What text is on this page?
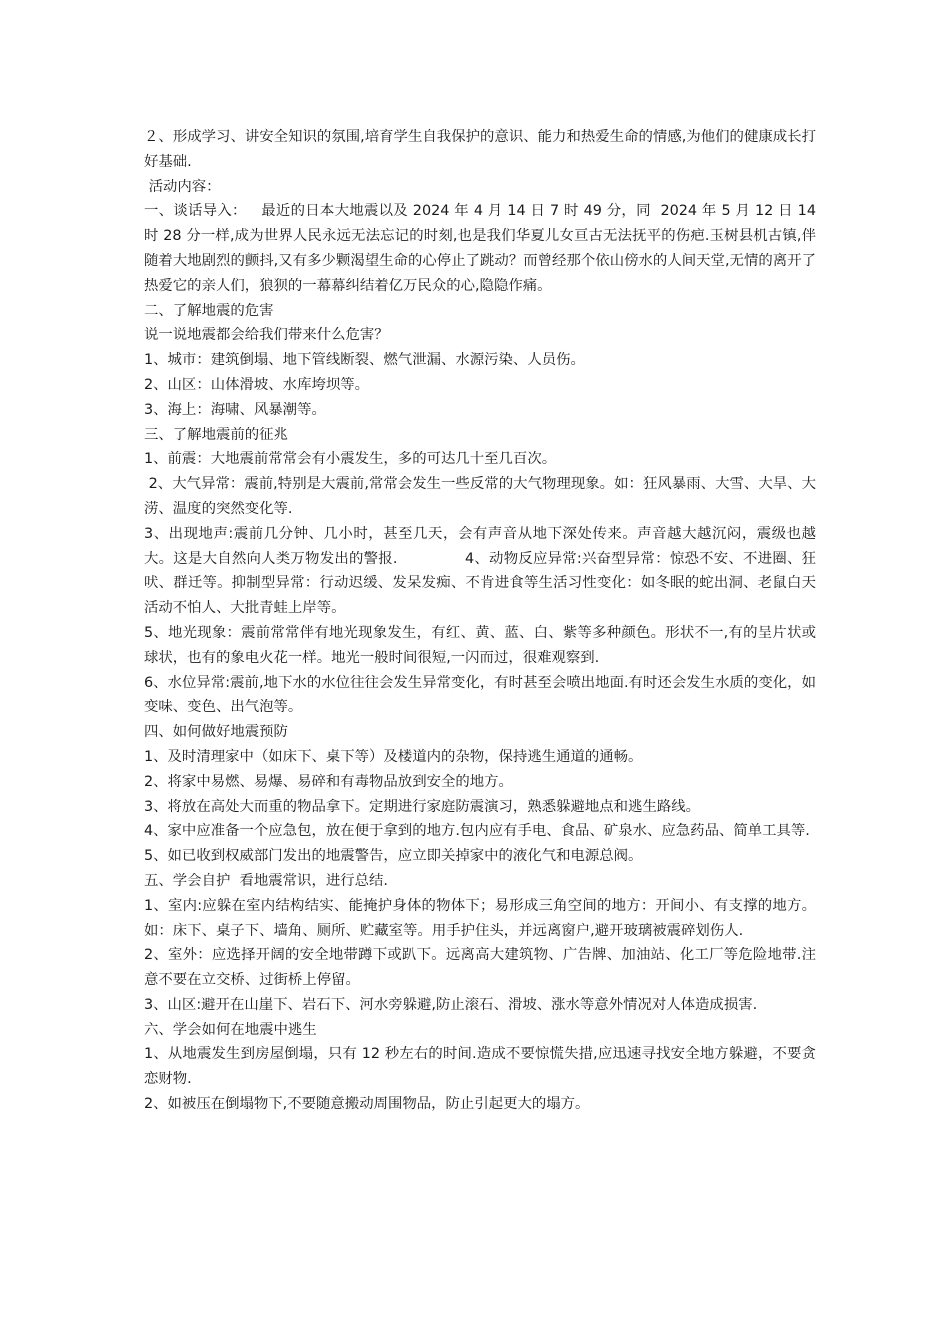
２、形成学习、讲安全知识的氛围,培育学生自我保护的意识、能力和热爱生命的情感,为他们的健康成长打好基础.

活动内容：

一、谈话导入：   最近的日本大地震以及 2024 年 4 月 14 日 7 时 49 分，同  2024 年 5 月 12 日 14 时 28 分一样,成为世界人民永远无法忘记的时刻,也是我们华夏儿女亘古无法抚平的伤疤.玉树县机古镇,伴随着大地剧烈的颤抖,又有多少颗渴望生命的心停止了跳动？而曾经那个依山傍水的人间天堂,无情的离开了热爱它的亲人们，狼狈的一幕幕纠结着亿万民众的心,隐隐作痛。

二、了解地震的危害

说一说地震都会给我们带来什么危害？

1、城市：建筑倒塌、地下管线断裂、燃气泄漏、水源污染、人员伤。

2、山区：山体滑坡、水库垮坝等。

3、海上：海啸、风暴潮等。

三、了解地震前的征兆

1、前震：大地震前常常会有小震发生，多的可达几十至几百次。

2、大气异常：震前,特别是大震前,常常会发生一些反常的大气物理现象。如：狂风暴雨、大雪、大旱、大涝、温度的突然变化等.

3、出现地声:震前几分钟、几小时，甚至几天，会有声音从地下深处传来。声音越大越沉闷，震级也越大。这是大自然向人类万物发出的警报.              4、动物反应异常:兴奋型异常：惊恐不安、不进圈、狂吠、群迁等。抑制型异常：行动迟缓、发呆发痴、不肯进食等生活习性变化：如冬眠的蛇出洞、老鼠白天活动不怕人、大批青蛙上岸等。

5、地光现象：震前常常伴有地光现象发生，有红、黄、蓝、白、紫等多种颜色。形状不一,有的呈片状或球状，也有的象电火花一样。地光一般时间很短,一闪而过，很难观察到.

6、水位异常:震前,地下水的水位往往会发生异常变化，有时甚至会喷出地面.有时还会发生水质的变化，如变味、变色、出气泡等。

四、如何做好地震预防

1、及时清理家中（如床下、桌下等）及楼道内的杂物，保持逃生通道的通畅。

2、将家中易燃、易爆、易碎和有毒物品放到安全的地方。

3、将放在高处大而重的物品拿下。定期进行家庭防震演习，熟悉躲避地点和逃生路线。

4、家中应准备一个应急包，放在便于拿到的地方.包内应有手电、食品、矿泉水、应急药品、简单工具等.

5、如已收到权威部门发出的地震警告，应立即关掉家中的液化气和电源总阀。

五、学会自护  看地震常识，进行总结.

1、室内:应躲在室内结构结实、能掩护身体的物体下；易形成三角空间的地方：开间小、有支撑的地方。如：床下、桌子下、墙角、厕所、贮藏室等。用手护住头，并远离窗户,避开玻璃被震碎划伤人.

2、室外：应选择开阔的安全地带蹲下或趴下。远离高大建筑物、广告牌、加油站、化工厂等危险地带.注意不要在立交桥、过街桥上停留。

3、山区:避开在山崖下、岩石下、河水旁躲避,防止滚石、滑坡、涨水等意外情况对人体造成损害.

六、学会如何在地震中逃生

1、从地震发生到房屋倒塌，只有 12 秒左右的时间.造成不要惊慌失措,应迅速寻找安全地方躲避，不要贪恋财物.

2、如被压在倒塌物下,不要随意搬动周围物品，防止引起更大的塌方。
